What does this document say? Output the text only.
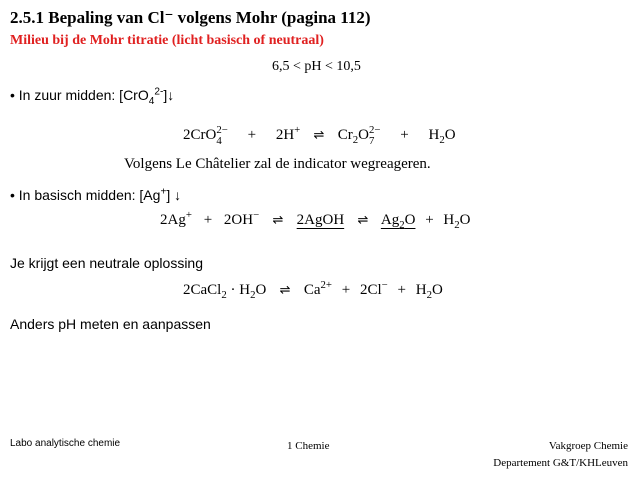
2.5.1 Bepaling van Cl⁻ volgens Mohr (pagina 112)
Milieu bij de Mohr titratie (licht basisch of neutraal)
6,5 < pH < 10,5
• In zuur midden: [CrO$_4^{2-}$]↓
2CrO 2−
4	+ 2H+ ⇌ $Cr_2O$ 2−
7	+ $H_2O$
Volgens Le Châtelier zal de indicator wegreageren.
• In basisch midden: [Ag+] ↓
2Ag+ + 2OH− ⇌ 2AgOH ⇌ $Ag_2O + H_2O$
Je krijgt een neutrale oplossing
2CaCl$_2$ · $H_2O$ ⇌ $Ca^{2+} + 2Cl^- + H_2O$
Anders pH meten en aanpassen
Labo analytische chemie	1 Chemie	Vakgroep Chemie
Departement G&T/KHLeuven
